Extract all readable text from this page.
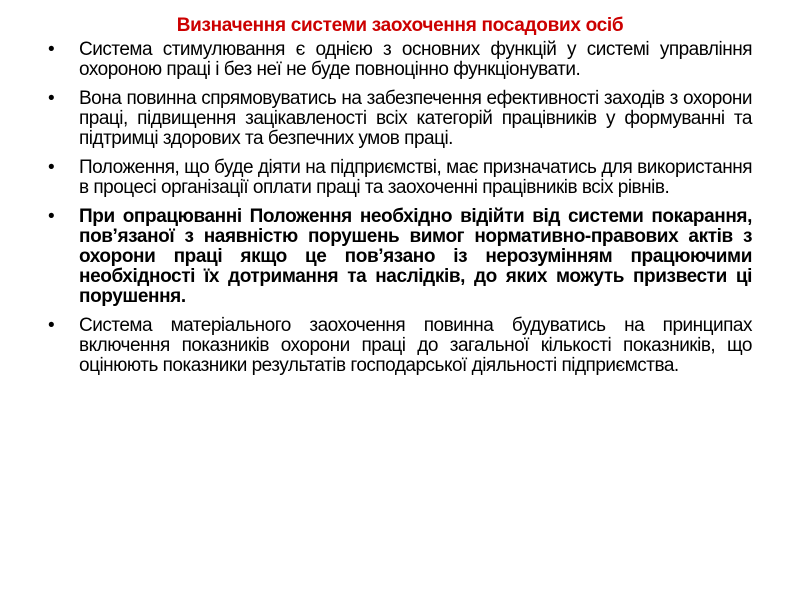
Визначення системи заохочення посадових осіб
• Система стимулювання є однією з основних функцій у системі управління охороною праці і без неї не буде повноцінно функціонувати.
• Вона повинна спрямовуватись на забезпечення ефективності заходів з охорони праці, підвищення зацікавленості всіх категорій працівників у формуванні та підтримці здорових та безпечних умов праці.
• Положення, що буде діяти на підприємстві, має призначатись для використання в процесі організації оплати праці та заохоченні працівників всіх рівнів.
• При опрацюванні Положення необхідно відійти від системи покарання, пов’язаної з наявністю порушень вимог нормативно-правових актів з охорони праці якщо це пов’язано із нерозумінням працюючими необхідності їх дотримання та наслідків, до яких можуть призвести ці порушення.
• Система матеріального заохочення повинна будуватись на принципах включення показників охорони праці до загальної кількості показників, що оцінюють показники результатів господарської діяльності підприємства.
